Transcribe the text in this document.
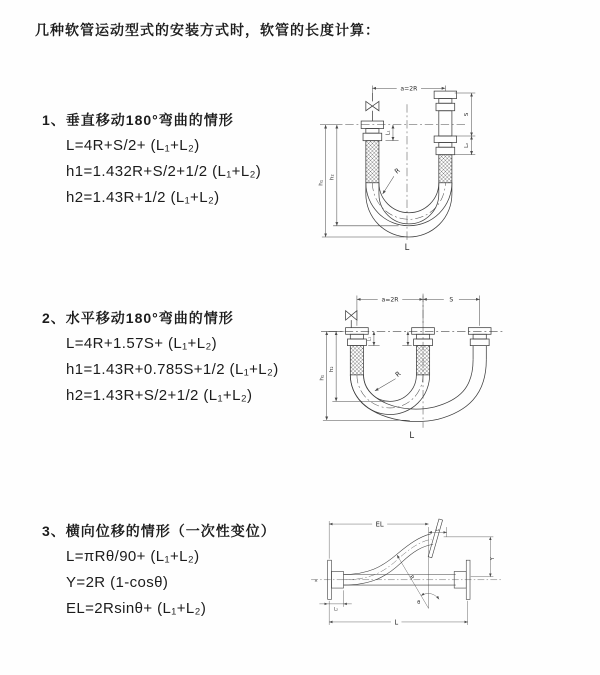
几种软管运动型式的安装方式时，软管的长度计算：
1、垂直移动180°弯曲的情形
L=4R+S/2+ (L₁+L₂)
h1=1.432R+S/2+1/2 (L₁+L₂)
h2=1.43R+1/2 (L₁+L₂)
2、水平移动180°弯曲的情形
L=4R+1.57S+ (L₁+L₂)
h1=1.43R+0.785S+1/2 (L₁+L₂)
h2=1.43R+S/2+1/2 (L₁+L₂)
3、横向位移的情形（一次性变位）
L=πRθ/90+ (L₁+L₂)
Y=2R (1-cosθ)
EL=2Rsinθ+ (L₁+L₂)
a=2R
S
L₂
L₁
h₁
h₂
R
L
a=2R	S
L₁
h₁
h₂
R
L
×
EL
L₁
Y
R
θ
L
L₂
